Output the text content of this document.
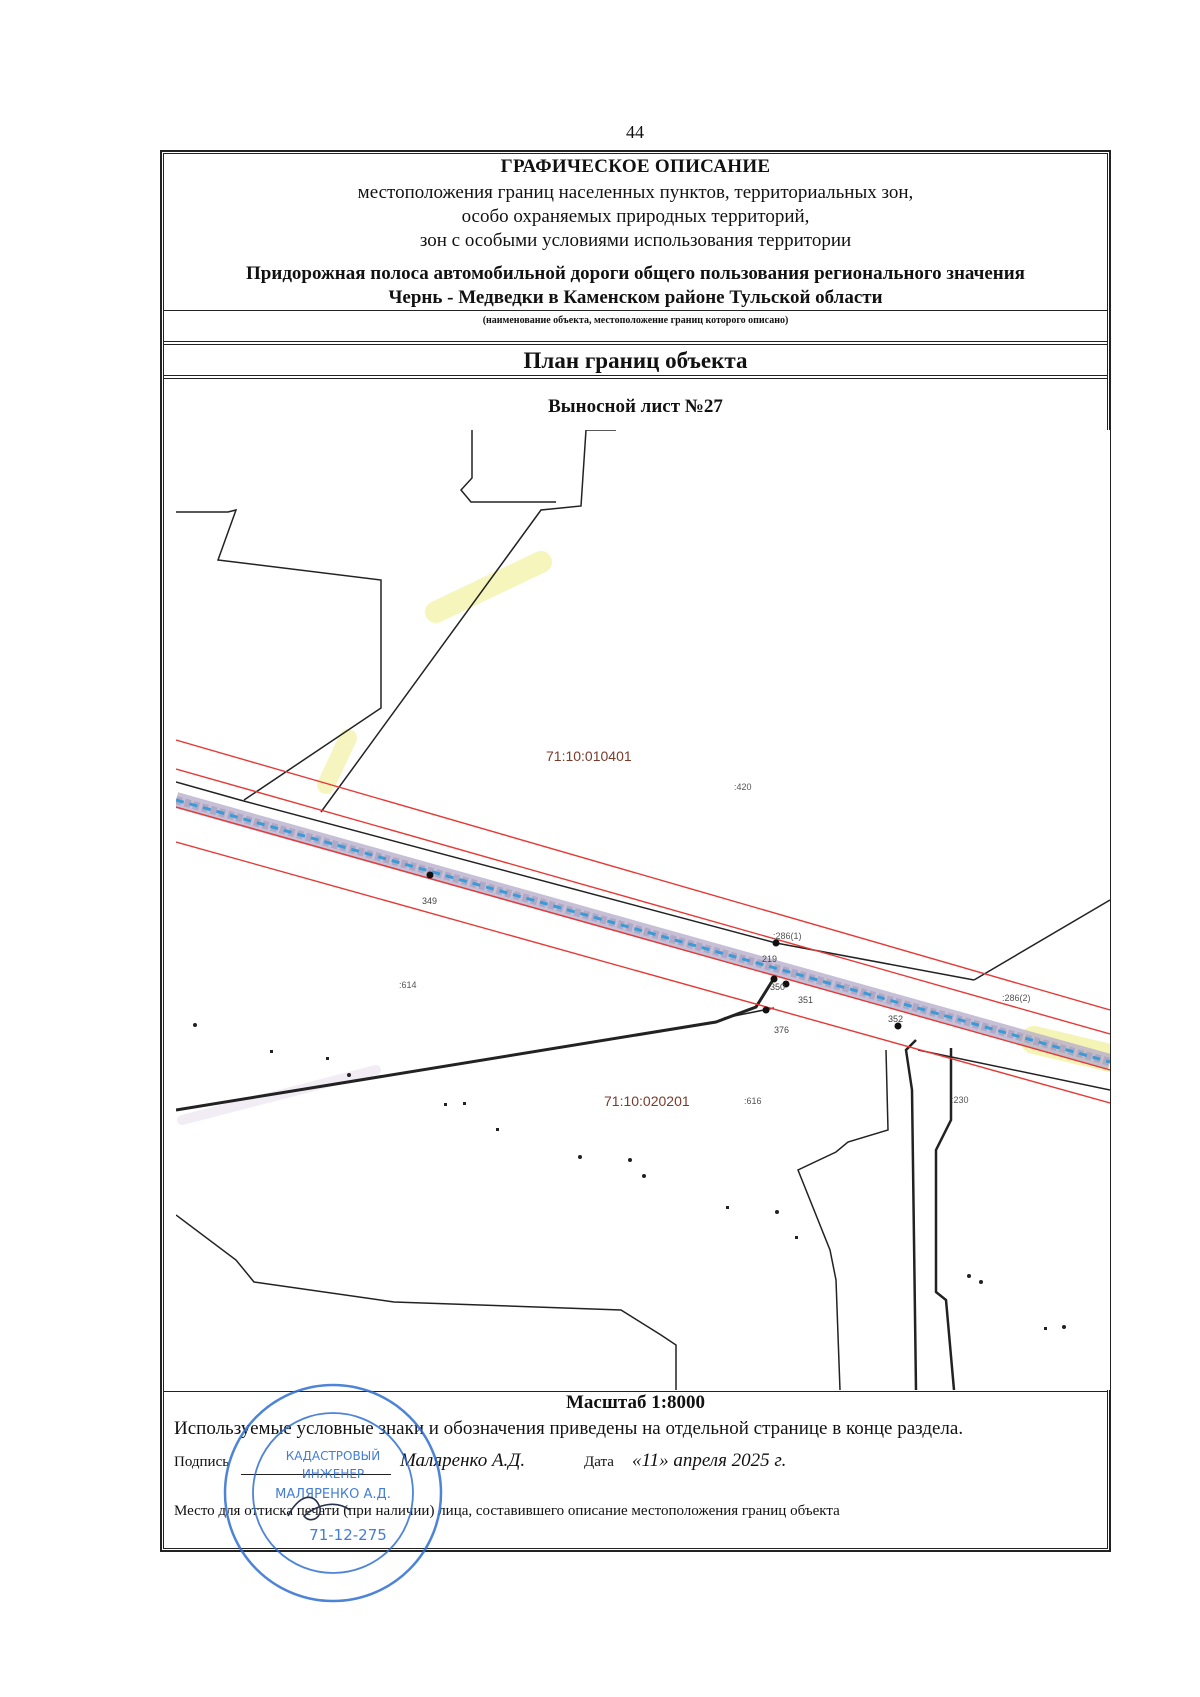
44
ГРАФИЧЕСКОЕ ОПИСАНИЕ
местоположения границ населенных пунктов, территориальных зон,
особо охраняемых природных территорий,
зон с особыми условиями использования территории
Придорожная полоса автомобильной дороги общего пользования регионального значения
Чернь - Медведки в Каменском районе Тульской области
(наименование объекта, местоположение границ которого описано)
План границ объекта
Выносной лист №27
71:10:010401
71:10:020201
:420
:614
:616	:230
:286(1)
:286(2)
349
219
350
351
376
352
Масштаб 1:8000
Используемые условные знаки и обозначения приведены на отдельной странице в конце раздела.
Подпись	Маляренко А.Д.	Дата «11» апреля 2025 г.
Место для оттиска печати (при наличии) лица, составившего описание местоположения границ объекта
КАДАСТРОВЫЙ
ИНЖЕНЕР
МАЛЯРЕНКО А.Д.
71-12-275
